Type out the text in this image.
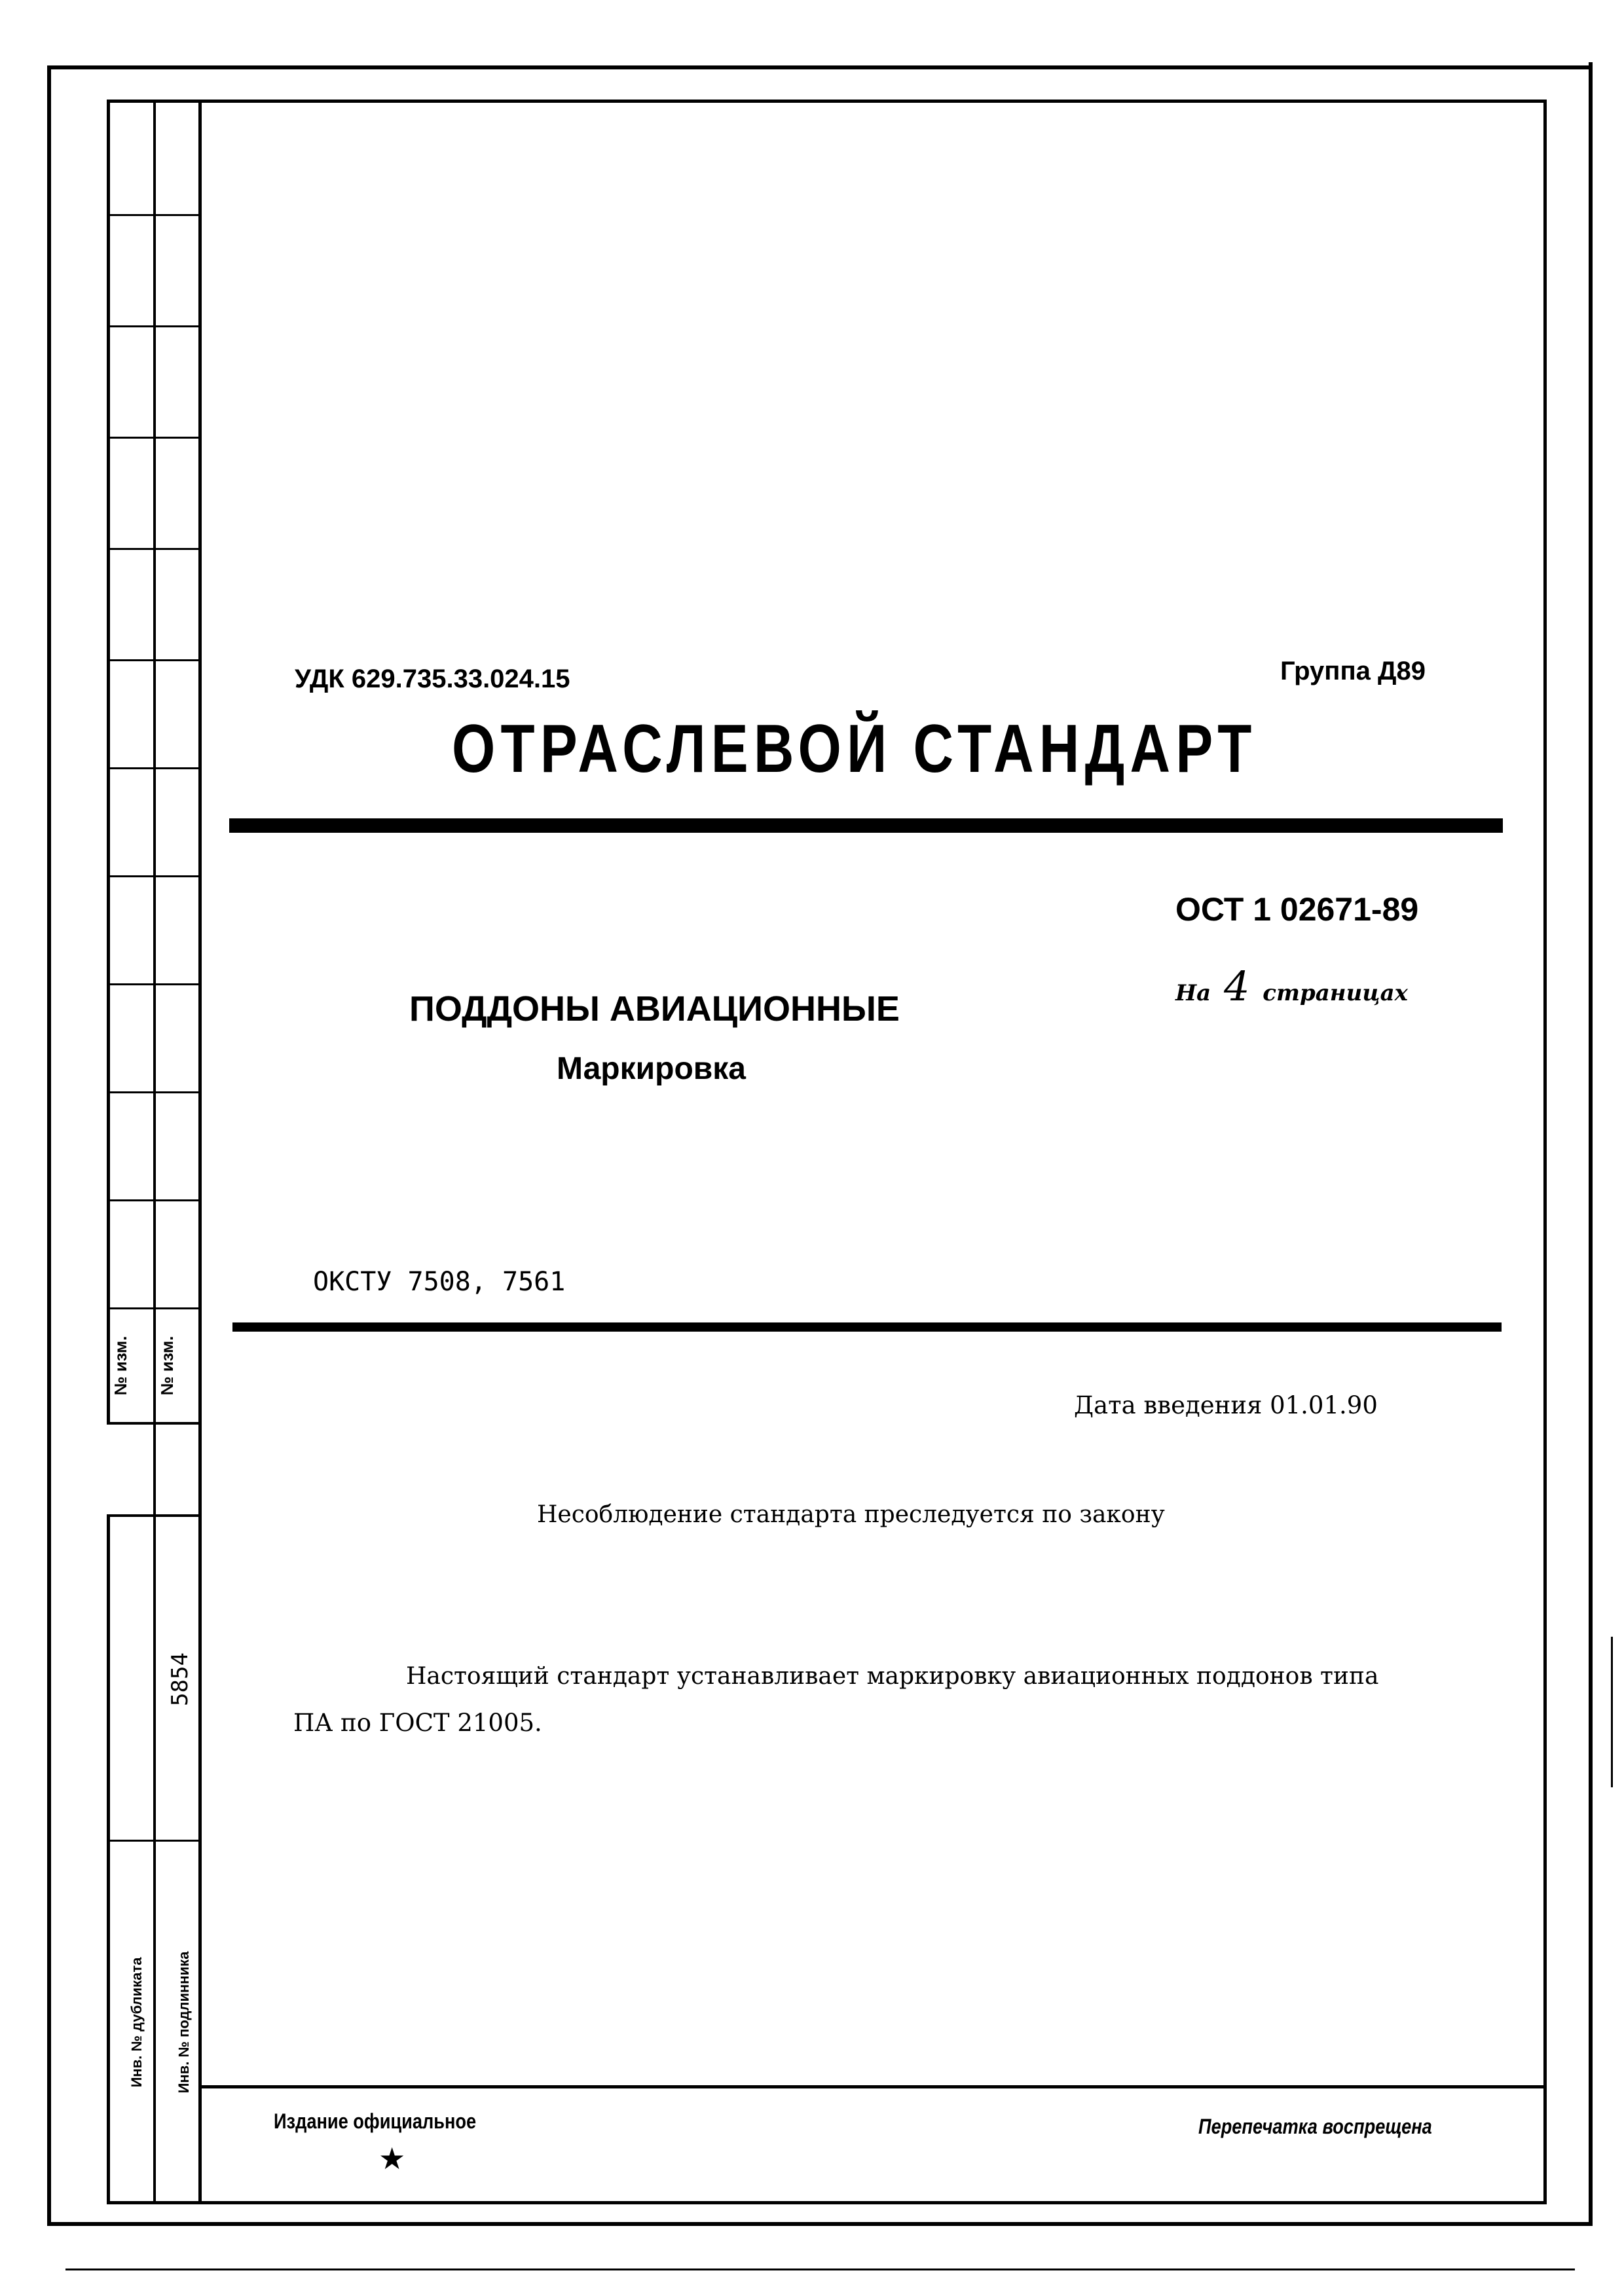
№ изм. № изм.
5854
Инв. № дубликата Инв. № подлинника
УДК 629.735.33.024.15	Группа Д89
ОТРАСЛЕВОЙ СТАНДАРТ
ОСТ 1 02671-89
На 4 страницах
ПОДДОНЫ АВИАЦИОННЫЕ
Маркировка
ОКСТУ 7508, 7561
Дата введения 01.01.90
Несоблюдение стандарта преследуется по закону
Настоящий стандарт устанавливает маркировку авиационных поддонов типа
ПА по ГОСТ 21005.
Издание официальное
★
Перепечатка воспрещена
